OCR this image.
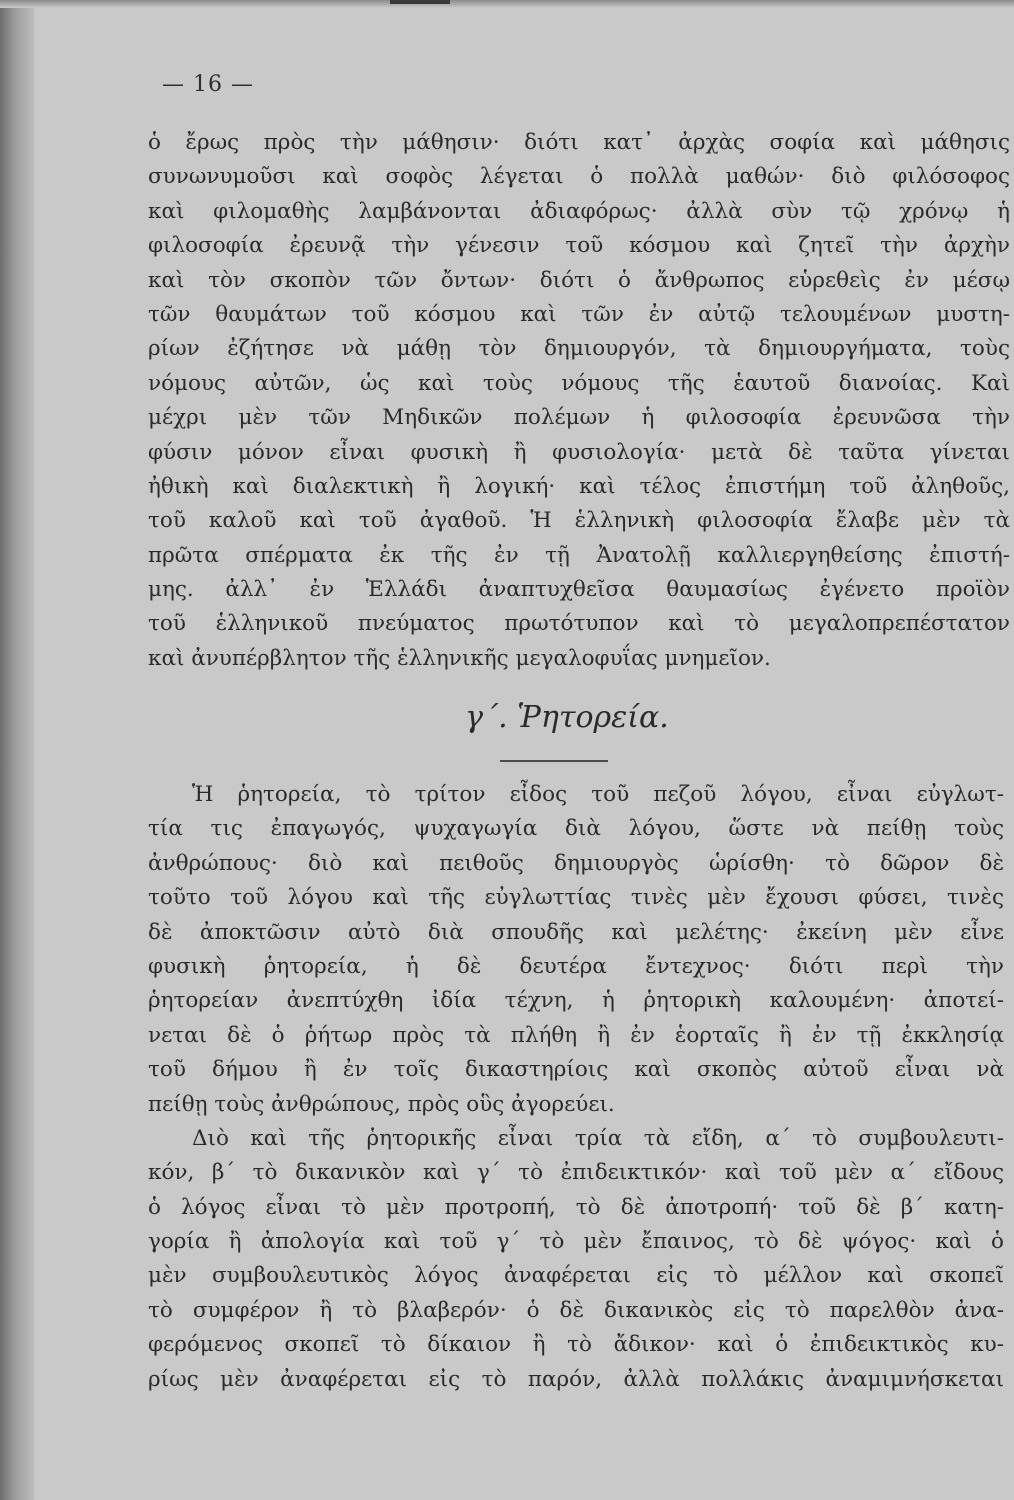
— 16 —
ὁ ἔρως πρὸς τὴν μάθησιν· διότι κατ᾽ ἀρχὰς σοφία καὶ μάθησις
συνωνυμοῦσι καὶ σοφὸς λέγεται ὁ πολλὰ μαθών· διὸ φιλόσοφος
καὶ φιλομαθὴς λαμβάνονται ἀδιαφόρως· ἀλλὰ σὺν τῷ χρόνῳ ἡ
φιλοσοφία ἐρευνᾷ τὴν γένεσιν τοῦ κόσμου καὶ ζητεῖ τὴν ἀρχὴν
καὶ τὸν σκοπὸν τῶν ὄντων· διότι ὁ ἄνθρωπος εὑρεθεὶς ἐν μέσῳ
τῶν θαυμάτων τοῦ κόσμου καὶ τῶν ἐν αὐτῷ τελουμένων μυστη-
ρίων ἐζήτησε νὰ μάθῃ τὸν δημιουργόν, τὰ δημιουργήματα, τοὺς
νόμους αὐτῶν, ὡς καὶ τοὺς νόμους τῆς ἑαυτοῦ διανοίας. Καὶ
μέχρι μὲν τῶν Μηδικῶν πολέμων ἡ φιλοσοφία ἐρευνῶσα τὴν
φύσιν μόνον εἶναι φυσικὴ ἢ φυσιολογία· μετὰ δὲ ταῦτα γίνεται
ἠθικὴ καὶ διαλεκτικὴ ἢ λογική· καὶ τέλος ἐπιστήμη τοῦ ἀληθοῦς,
τοῦ καλοῦ καὶ τοῦ ἀγαθοῦ. Ἡ ἑλληνικὴ φιλοσοφία ἔλαβε μὲν τὰ
πρῶτα σπέρματα ἐκ τῆς ἐν τῇ Ἀνατολῇ καλλιεργηθείσης ἐπιστή-
μης. ἀλλ᾽ ἐν Ἑλλάδι ἀναπτυχθεῖσα θαυμασίως ἐγένετο προϊὸν
τοῦ ἑλληνικοῦ πνεύματος πρωτότυπον καὶ τὸ μεγαλοπρεπέστατον
καὶ ἀνυπέρβλητον τῆς ἑλληνικῆς μεγαλοφυΐας μνημεῖον.
γ΄. Ῥητορεία.
Ἡ ῥητορεία, τὸ τρίτον εἶδος τοῦ πεζοῦ λόγου, εἶναι εὐγλωτ-
τία τις ἐπαγωγός, ψυχαγωγία διὰ λόγου, ὥστε νὰ πείθῃ τοὺς
ἀνθρώπους· διὸ καὶ πειθοῦς δημιουργὸς ὡρίσθη· τὸ δῶρον δὲ
τοῦτο τοῦ λόγου καὶ τῆς εὐγλωττίας τινὲς μὲν ἔχουσι φύσει, τινὲς
δὲ ἀποκτῶσιν αὐτὸ διὰ σπουδῆς καὶ μελέτης· ἐκείνη μὲν εἶνε
φυσικὴ ῥητορεία, ἡ δὲ δευτέρα ἔντεχνος· διότι περὶ τὴν
ῥητορείαν ἀνεπτύχθη ἰδία τέχνη, ἡ ῥητορικὴ καλουμένη· ἀποτεί-
νεται δὲ ὁ ῥήτωρ πρὸς τὰ πλήθη ἢ ἐν ἑορταῖς ἢ ἐν τῇ ἐκκλησίᾳ
τοῦ δήμου ἢ ἐν τοῖς δικαστηρίοις καὶ σκοπὸς αὐτοῦ εἶναι νὰ
πείθῃ τοὺς ἀνθρώπους, πρὸς οὓς ἀγορεύει.
Διὸ καὶ τῆς ῥητορικῆς εἶναι τρία τὰ εἴδη, α΄ τὸ συμβουλευτι-
κόν, β΄ τὸ δικανικὸν καὶ γ΄ τὸ ἐπιδεικτικόν· καὶ τοῦ μὲν α΄ εἴδους
ὁ λόγος εἶναι τὸ μὲν προτροπή, τὸ δὲ ἀποτροπή· τοῦ δὲ β΄ κατη-
γορία ἢ ἀπολογία καὶ τοῦ γ΄ τὸ μὲν ἔπαινος, τὸ δὲ ψόγος· καὶ ὁ
μὲν συμβουλευτικὸς λόγος ἀναφέρεται εἰς τὸ μέλλον καὶ σκοπεῖ
τὸ συμφέρον ἢ τὸ βλαβερόν· ὁ δὲ δικανικὸς εἰς τὸ παρελθὸν ἀνα-
φερόμενος σκοπεῖ τὸ δίκαιον ἢ τὸ ἄδικον· καὶ ὁ ἐπιδεικτικὸς κυ-
ρίως μὲν ἀναφέρεται εἰς τὸ παρόν, ἀλλὰ πολλάκις ἀναμιμνήσκεται
